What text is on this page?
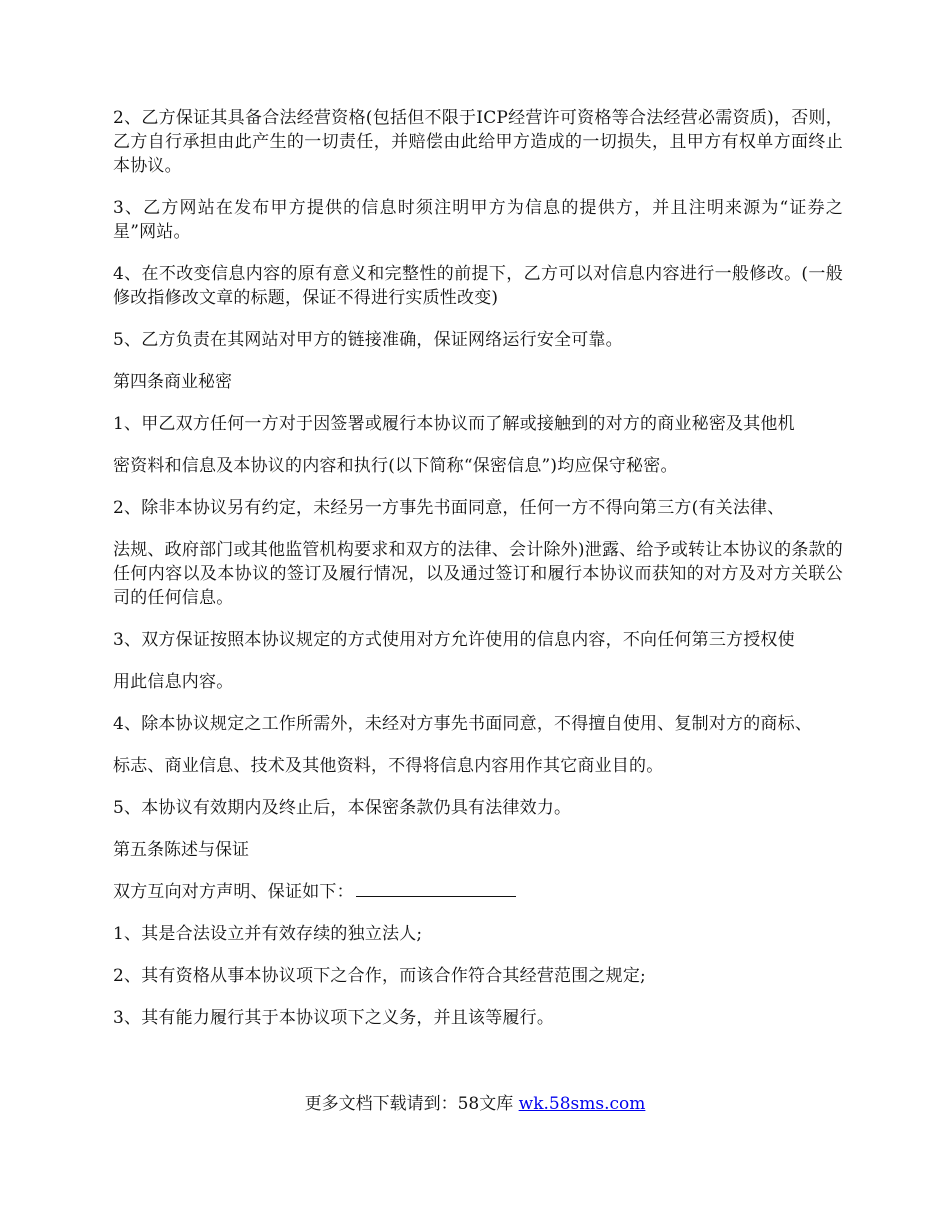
2、乙方保证其具备合法经营资格(包括但不限于ICP经营许可资格等合法经营必需资质)，否则，乙方自行承担由此产生的一切责任，并赔偿由此给甲方造成的一切损失，且甲方有权单方面终止本协议。

3、乙方网站在发布甲方提供的信息时须注明甲方为信息的提供方，并且注明来源为“证券之星”网站。

4、在不改变信息内容的原有意义和完整性的前提下，乙方可以对信息内容进行一般修改。(一般修改指修改文章的标题，保证不得进行实质性改变)

5、乙方负责在其网站对甲方的链接准确，保证网络运行安全可靠。

第四条商业秘密

1、甲乙双方任何一方对于因签署或履行本协议而了解或接触到的对方的商业秘密及其他机

密资料和信息及本协议的内容和执行(以下简称“保密信息”)均应保守秘密。

2、除非本协议另有约定，未经另一方事先书面同意，任何一方不得向第三方(有关法律、

法规、政府部门或其他监管机构要求和双方的法律、会计除外)泄露、给予或转让本协议的条款的任何内容以及本协议的签订及履行情况，以及通过签订和履行本协议而获知的对方及对方关联公司的任何信息。

3、双方保证按照本协议规定的方式使用对方允许使用的信息内容，不向任何第三方授权使

用此信息内容。

4、除本协议规定之工作所需外，未经对方事先书面同意，不得擅自使用、复制对方的商标、

标志、商业信息、技术及其他资料，不得将信息内容用作其它商业目的。

5、本协议有效期内及终止后，本保密条款仍具有法律效力。

第五条陈述与保证

双方互向对方声明、保证如下：

1、其是合法设立并有效存续的独立法人;

2、其有资格从事本协议项下之合作，而该合作符合其经营范围之规定;

3、其有能力履行其于本协议项下之义务，并且该等履行。

更多文档下载请到：58文库 wk.58sms.com
